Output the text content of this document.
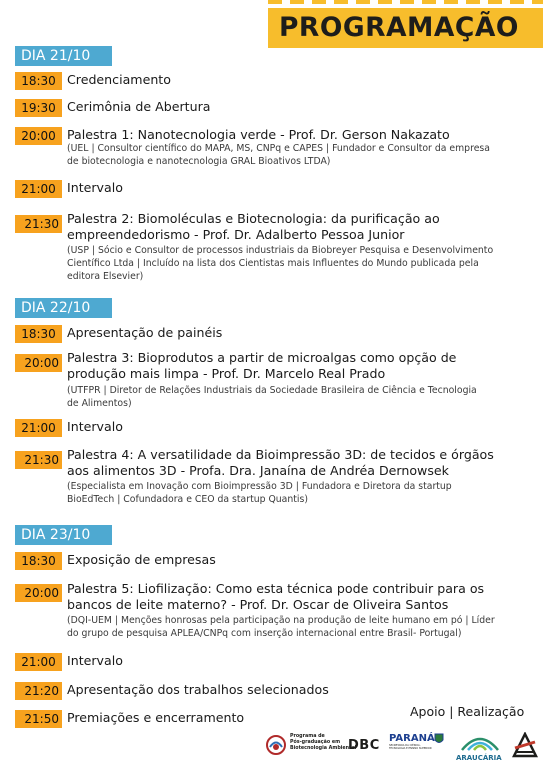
PROGRAMAÇÃO
DIA 21/10
18:30 Credenciamento
19:30 Cerimônia de Abertura
20:00 Palestra 1: Nanotecnologia verde - Prof. Dr. Gerson Nakazato
(UEL | Consultor científico do MAPA, MS, CNPq e CAPES | Fundador e Consultor da empresa
de biotecnologia e nanotecnologia GRAL Bioativos LTDA)
21:00 Intervalo
21:30 Palestra 2: Biomoléculas e Biotecnologia: da purificação ao
empreendedorismo - Prof. Dr. Adalberto Pessoa Junior
(USP | Sócio e Consultor de processos industriais da Biobreyer Pesquisa e Desenvolvimento
Científico Ltda | Incluído na lista dos Cientistas mais Influentes do Mundo publicada pela
editora Elsevier)
DIA 22/10
18:30 Apresentação de painéis
20:00 Palestra 3: Bioprodutos a partir de microalgas como opção de
produção mais limpa - Prof. Dr. Marcelo Real Prado
(UTFPR | Diretor de Relações Industriais da Sociedade Brasileira de Ciência e Tecnologia
de Alimentos)
21:00 Intervalo
21:30 Palestra 4: A versatilidade da Bioimpressão 3D: de tecidos e órgãos
aos alimentos 3D - Profa. Dra. Janaína de Andréa Dernowsek
(Especialista em Inovação com Bioimpressão 3D | Fundadora e Diretora da startup
BioEdTech | Cofundadora e CEO da startup Quantis)
DIA 23/10
18:30 Exposição de empresas
20:00 Palestra 5: Liofilização: Como esta técnica pode contribuir para os
bancos de leite materno? - Prof. Dr. Oscar de Oliveira Santos
(DQI-UEM | Menções honrosas pela participação na produção de leite humano em pó | Líder
do grupo de pesquisa APLEA/CNPq com inserção internacional entre Brasil- Portugal)
21:00 Intervalo
21:20 Apresentação dos trabalhos selecionados
21:50 Premiações e encerramento	Apoio | Realização
Programa de
Pós-graduação em
Biotecnologia Ambiental
DBC PARANÁ
SECRETARIA DA CIÊNCIA, TECNOLOGIA E ENSINO SUPERIOR
ARAUCÁRIA
